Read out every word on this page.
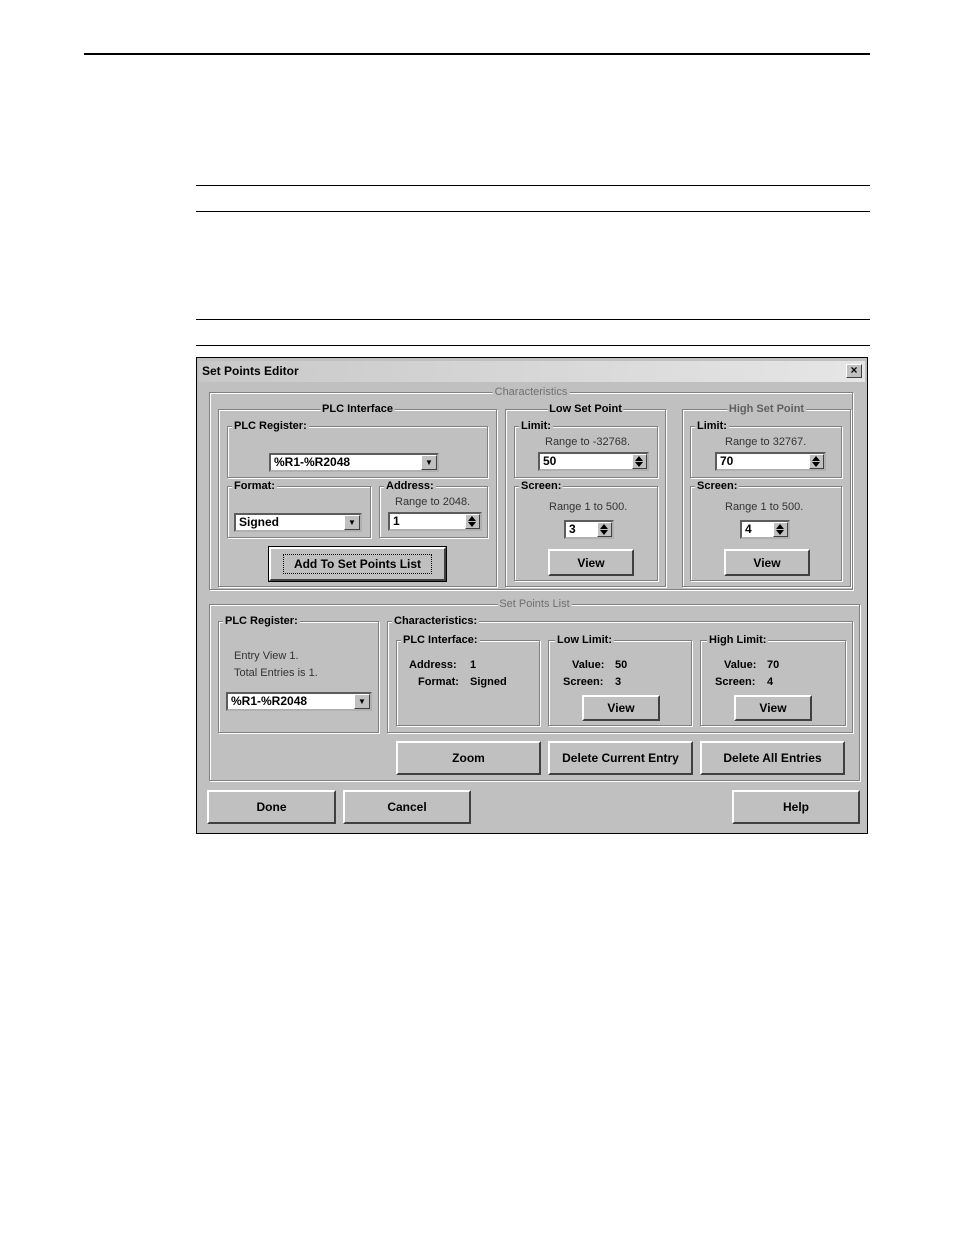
Set Points Editor	×
Characteristics
PLC Interface
PLC Register:
%R1-%R2048	▼
Format:
Signed	▼
Address:
Range to 2048.
1
Add To Set Points List
Low Set Point
Limit:
Range to -32768.
50
Screen:
Range 1 to 500.
3
View
High Set Point
Limit:
Range to 32767.
70
Screen:
Range 1 to 500.
4
View
Set Points List
PLC Register:
Entry View 1.
Total Entries is 1.
%R1-%R2048	▼
Characteristics:
PLC Interface:
Address: 1
Format: Signed
Low Limit:
Value: 50
Screen: 3
View
High Limit:
Value: 70
Screen: 4
View
Zoom	Delete Current Entry	Delete All Entries
Done	Cancel	Help
